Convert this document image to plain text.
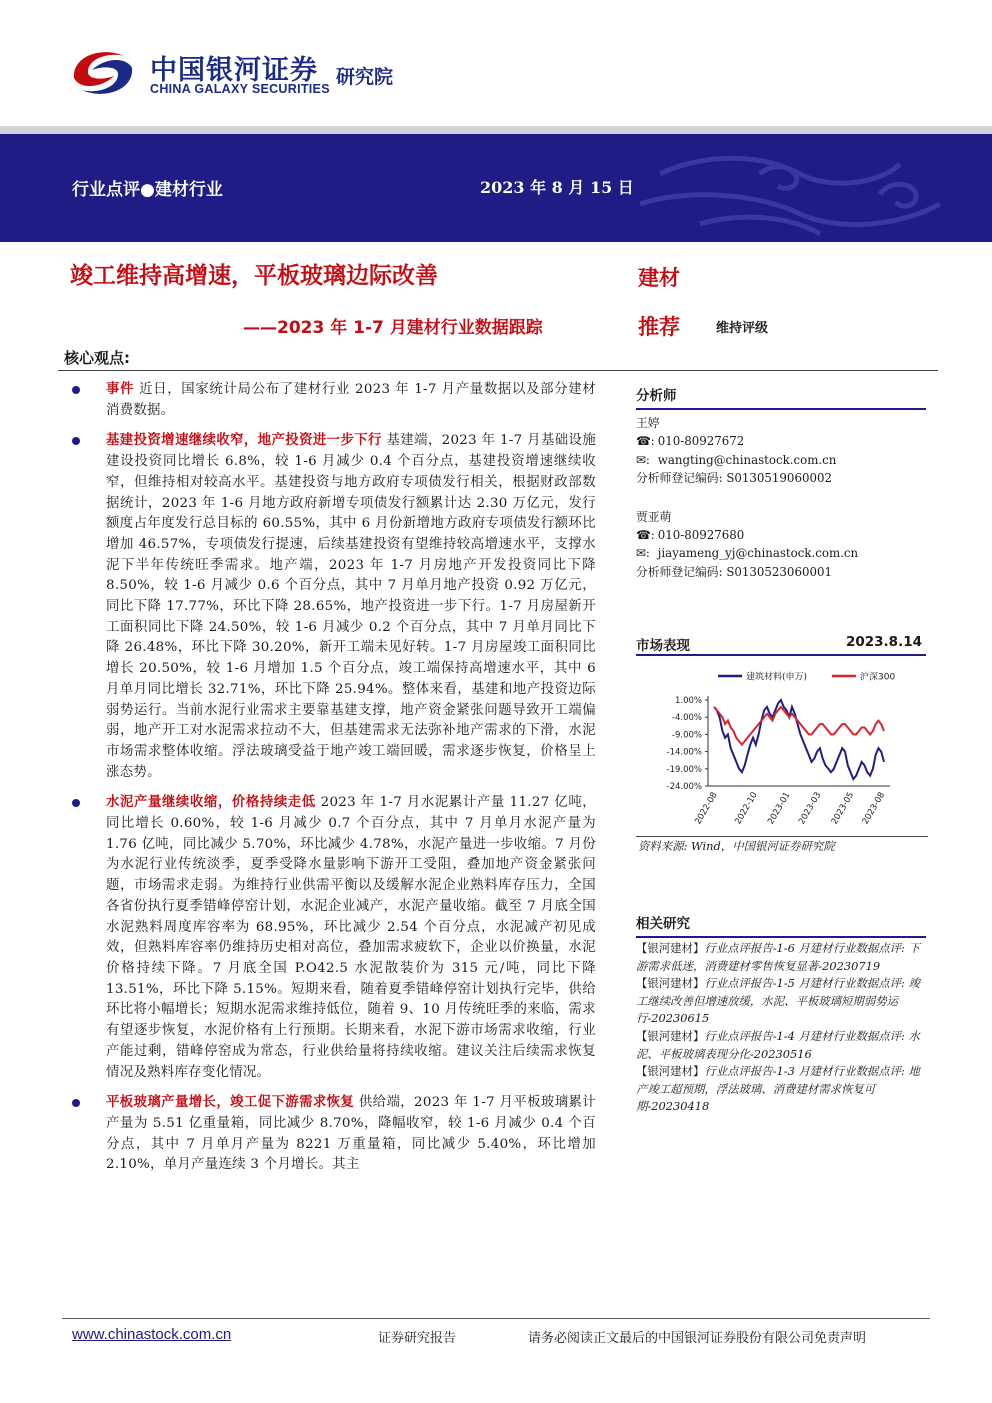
中国银河证券
CHINA GALAXY SECURITIES
研究院
行业点评●建材行业	2023 年 8 月 15 日
竣工维持高增速，平板玻璃边际改善
——2023 年 1-7 月建材行业数据跟踪
建材
推荐	维持评级
核心观点:
事件 近日，国家统计局公布了建材行业 2023 年 1-7 月产量数据以及部分建材消费数据。
基建投资增速继续收窄，地产投资进一步下行 基建端，2023 年 1-7 月基础设施建设投资同比增长 6.8%，较 1-6 月减少 0.4 个百分点，基建投资增速继续收窄，但维持相对较高水平。基建投资与地方政府专项债发行相关，根据财政部数据统计，2023 年 1-6 月地方政府新增专项债发行额累计达 2.30 万亿元，发行额度占年度发行总目标的 60.55%，其中 6 月份新增地方政府专项债发行额环比增加 46.57%，专项债发行提速，后续基建投资有望维持较高增速水平，支撑水泥下半年传统旺季需求。地产端，2023 年 1-7 月房地产开发投资同比下降 8.50%，较 1-6 月减少 0.6 个百分点，其中 7 月单月地产投资 0.92 万亿元，同比下降 17.77%，环比下降 28.65%，地产投资进一步下行。1-7 月房屋新开工面积同比下降 24.50%，较 1-6 月减少 0.2 个百分点，其中 7 月单月同比下降 26.48%，环比下降 30.20%，新开工端未见好转。1-7 月房屋竣工面积同比增长 20.50%，较 1-6 月增加 1.5 个百分点，竣工端保持高增速水平，其中 6 月单月同比增长 32.71%，环比下降 25.94%。整体来看，基建和地产投资边际弱势运行。当前水泥行业需求主要靠基建支撑，地产资金紧张问题导致开工端偏弱，地产开工对水泥需求拉动不大，但基建需求无法弥补地产需求的下滑，水泥市场需求整体收缩。浮法玻璃受益于地产竣工端回暖，需求逐步恢复，价格呈上涨态势。
水泥产量继续收缩，价格持续走低 2023 年 1-7 月水泥累计产量 11.27 亿吨，同比增长 0.60%，较 1-6 月减少 0.7 个百分点，其中 7 月单月水泥产量为 1.76 亿吨，同比减少 5.70%，环比减少 4.78%，水泥产量进一步收缩。7 月份为水泥行业传统淡季，夏季受降水量影响下游开工受阻，叠加地产资金紧张问题，市场需求走弱。为维持行业供需平衡以及缓解水泥企业熟料库存压力，全国各省份执行夏季错峰停窑计划，水泥企业减产，水泥产量收缩。截至 7 月底全国水泥熟料周度库容率为 68.95%，环比减少 2.54 个百分点，水泥减产初见成效，但熟料库容率仍维持历史相对高位，叠加需求疲软下，企业以价换量，水泥价格持续下降。7 月底全国 P.O42.5 水泥散装价为 315 元/吨，同比下降 13.51%，环比下降 5.15%。短期来看，随着夏季错峰停窑计划执行完毕，供给环比将小幅增长；短期水泥需求维持低位，随着 9、10 月传统旺季的来临，需求有望逐步恢复，水泥价格有上行预期。长期来看，水泥下游市场需求收缩，行业产能过剩，错峰停窑成为常态，行业供给量将持续收缩。建议关注后续需求恢复情况及熟料库存变化情况。
平板玻璃产量增长，竣工促下游需求恢复 供给端，2023 年 1-7 月平板玻璃累计产量为 5.51 亿重量箱，同比减少 8.70%，降幅收窄，较 1-6 月减少 0.4 个百分点，其中 7 月单月产量为 8221 万重量箱，同比减少 5.40%，环比增加 2.10%，单月产量连续 3 个月增长。其主
分析师
王婷
☎: 010-80927672
✉: wangting@chinastock.com.cn
分析师登记编码: S0130519060002
贾亚萌
☎: 010-80927680
✉: jiayameng_yj@chinastock.com.cn
分析师登记编码: S0130523060001
市场表现	2023.8.14
1.00%
-4.00%
-9.00%
-14.00%
-19.00%
-24.00%
2022-08 2022-10 2023-01 2023-03 2023-05 2023-08
建筑材料(申万)	沪深300
资料来源: Wind，中国银河证券研究院
相关研究
【银河建材】行业点评报告-1-6 月建材行业数据点评: 下游需求低迷，消费建材零售恢复显著-20230719
【银河建材】行业点评报告-1-5 月建材行业数据点评: 竣工继续改善但增速放缓，水泥、平板玻璃短期弱势运行-20230615
【银河建材】行业点评报告-1-4 月建材行业数据点评: 水泥、平板玻璃表现分化-20230516
【银河建材】行业点评报告-1-3 月建材行业数据点评: 地产竣工超预期，浮法玻璃、消费建材需求恢复可期-20230418
www.chinastock.com.cn	证券研究报告	请务必阅读正文最后的中国银河证券股份有限公司免责声明
